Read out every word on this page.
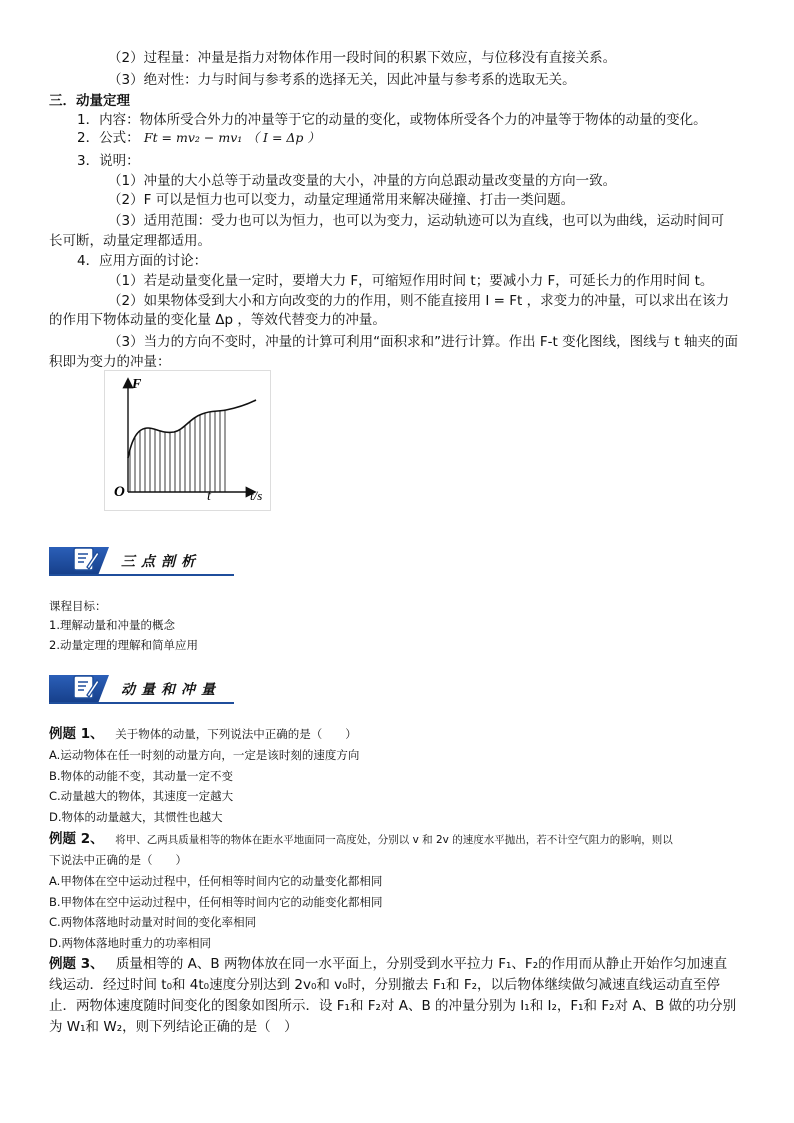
（2）过程量：冲量是指力对物体作用一段时间的积累下效应，与位移没有直接关系。
（3）绝对性：力与时间与参考系的选择无关，因此冲量与参考系的选取无关。
三．动量定理
1．内容：物体所受合外力的冲量等于它的动量的变化，或物体所受各个力的冲量等于物体的动量的变化。
2．公式： Ft = mv₂ − mv₁ （ I = Δp ）
3．说明：
（1）冲量的大小总等于动量改变量的大小，冲量的方向总跟动量改变量的方向一致。
（2）F 可以是恒力也可以变力，动量定理通常用来解决碰撞、打击一类问题。
（3）适用范围：受力也可以为恒力，也可以为变力，运动轨迹可以为直线，也可以为曲线，运动时间可
长可断，动量定理都适用。
4．应用方面的讨论：
（1）若是动量变化量一定时，要增大力 F，可缩短作用时间 t；要减小力 F，可延长力的作用时间 t。
（2）如果物体受到大小和方向改变的力的作用，则不能直接用 I = Ft ，求变力的冲量，可以求出在该力
的作用下物体动量的变化量 Δp ，等效代替变力的冲量。
（3）当力的方向不变时，冲量的计算可利用“面积求和”进行计算。作出 F-t 变化图线，图线与 t 轴夹的面
积即为变力的冲量：
F
O	t	t/s
三点剖析
课程目标：
1.理解动量和冲量的概念
2.动量定理的理解和简单应用
动量和冲量
例题 1、 关于物体的动量，下列说法中正确的是（　　）
A.运动物体在任一时刻的动量方向，一定是该时刻的速度方向
B.物体的动能不变，其动量一定不变
C.动量越大的物体，其速度一定越大
D.物体的动量越大，其惯性也越大
例题 2、 将甲、乙两具质量相等的物体在距水平地面同一高度处，分别以 v 和 2v 的速度水平抛出，若不计空气阻力的影响，则以
下说法中正确的是（　　）
A.甲物体在空中运动过程中，任何相等时间内它的动量变化都相同
B.甲物体在空中运动过程中，任何相等时间内它的动能变化都相同
C.两物体落地时动量对时间的变化率相同
D.两物体落地时重力的功率相同
例题 3、 质量相等的 A、B 两物体放在同一水平面上，分别受到水平拉力 F₁、F₂的作用而从静止开始作匀加速直
线运动．经过时间 t₀和 4t₀速度分别达到 2v₀和 v₀时，分别撤去 F₁和 F₂，以后物体继续做匀减速直线运动直至停
止．两物体速度随时间变化的图象如图所示．设 F₁和 F₂对 A、B 的冲量分别为 I₁和 I₂，F₁和 F₂对 A、B 做的功分别
为 W₁和 W₂，则下列结论正确的是（　）
